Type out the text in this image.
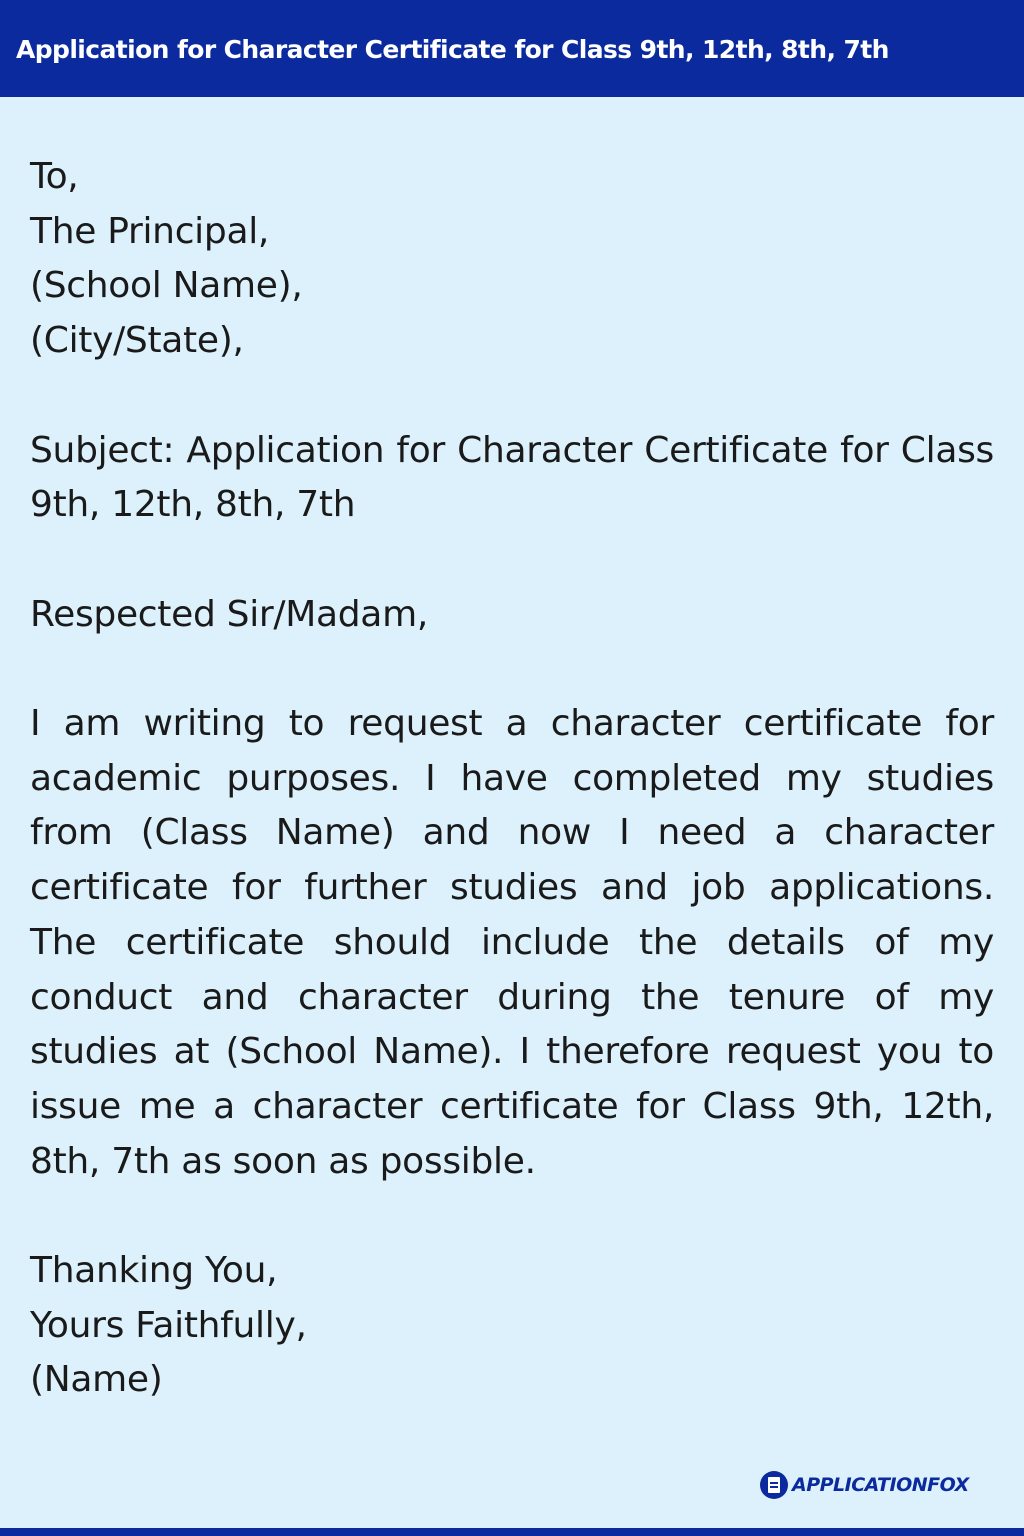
Application for Character Certificate for Class 9th, 12th, 8th, 7th
To,
The Principal,
(School Name),
(City/State),
Subject: Application for Character Certificate for Class 9th, 12th, 8th, 7th
Respected Sir/Madam,
I am writing to request a character certificate for academic purposes. I have completed my studies from (Class Name) and now I need a character certificate for further studies and job applications. The certificate should include the details of my conduct and character during the tenure of my studies at (School Name). I therefore request you to issue me a character certificate for Class 9th, 12th, 8th, 7th as soon as possible.
Thanking You,
Yours Faithfully,
(Name)
APPLICATIONFOX
